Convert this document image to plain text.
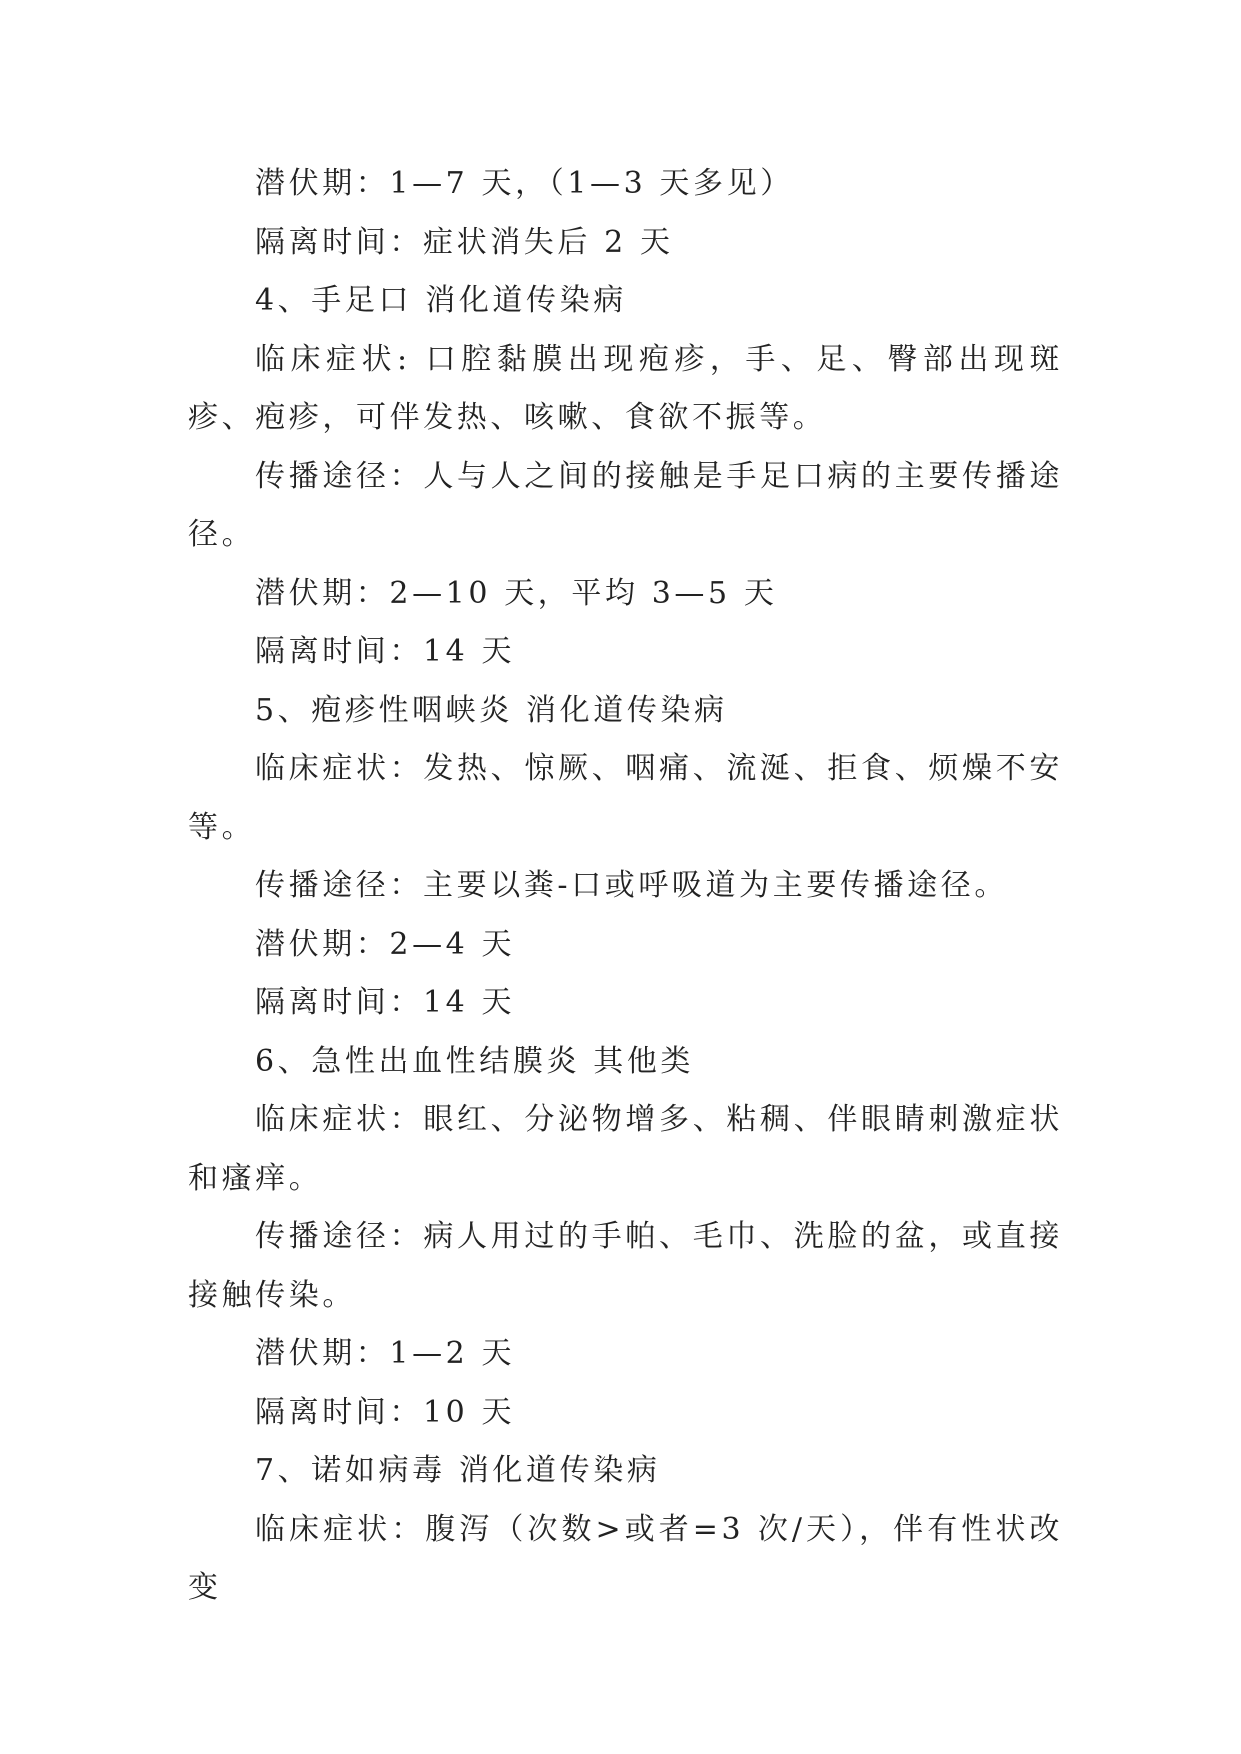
潜伏期：1—7 天，（1—3 天多见）

隔离时间：症状消失后 2 天

4、手足口 消化道传染病

临床症状: 口腔黏膜出现疱疹，手、足、臀部出现斑疹、疱疹，可伴发热、咳嗽、食欲不振等。

传播途径：人与人之间的接触是手足口病的主要传播途径。

潜伏期：2—10 天，平均 3—5 天

隔离时间：14 天

5、疱疹性咽峡炎 消化道传染病

临床症状：发热、惊厥、咽痛、流涎、拒食、烦燥不安等。

传播途径：主要以粪-口或呼吸道为主要传播途径。

潜伏期：2—4 天

隔离时间：14 天

6、急性出血性结膜炎 其他类

临床症状：眼红、分泌物增多、粘稠、伴眼睛刺激症状和瘙痒。

传播途径：病人用过的手帕、毛巾、洗脸的盆，或直接接触传染。

潜伏期：1—2 天

隔离时间：10 天

7、诺如病毒 消化道传染病

临床症状：腹泻（次数>或者=3 次/天），伴有性状改变
